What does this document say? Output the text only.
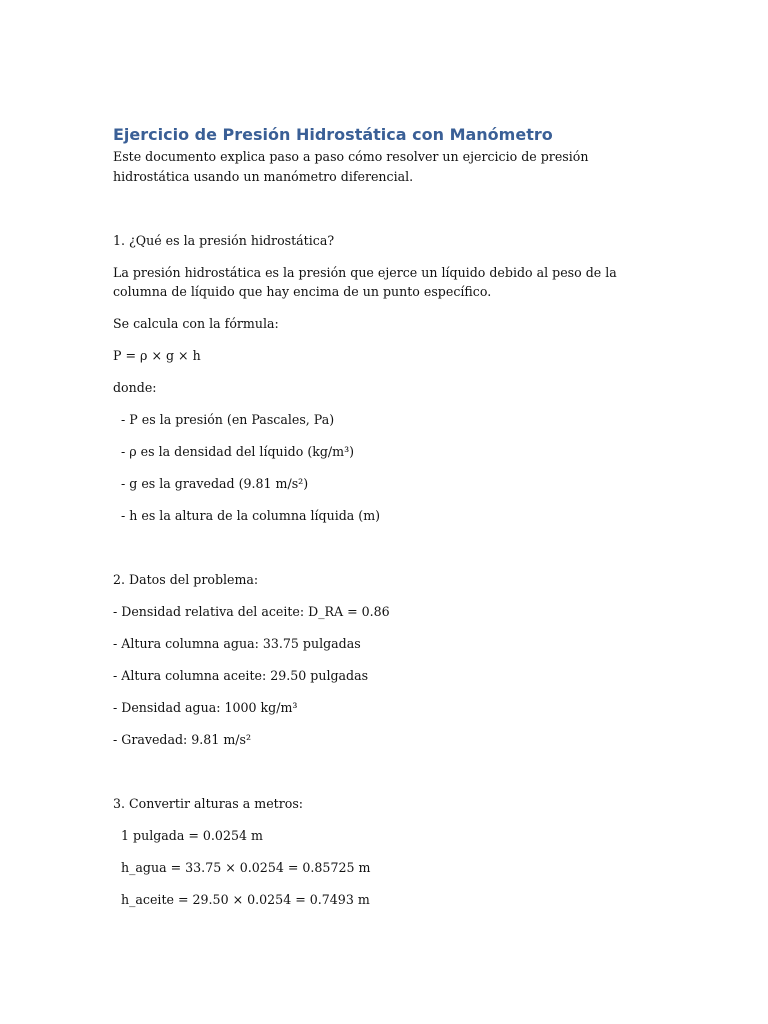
Ejercicio de Presión Hidrostática con Manómetro

Este documento explica paso a paso cómo resolver un ejercicio de presión hidrostática usando un manómetro diferencial.

1. ¿Qué es la presión hidrostática?

La presión hidrostática es la presión que ejerce un líquido debido al peso de la columna de líquido que hay encima de un punto específico.

Se calcula con la fórmula:

P = ρ × g × h

donde:

- P es la presión (en Pascales, Pa)

- ρ es la densidad del líquido (kg/m³)

- g es la gravedad (9.81 m/s²)

- h es la altura de la columna líquida (m)

2. Datos del problema:

- Densidad relativa del aceite: D_RA = 0.86

- Altura columna agua: 33.75 pulgadas

- Altura columna aceite: 29.50 pulgadas

- Densidad agua: 1000 kg/m³

- Gravedad: 9.81 m/s²

3. Convertir alturas a metros:

1 pulgada = 0.0254 m

h_agua = 33.75 × 0.0254 = 0.85725 m

h_aceite = 29.50 × 0.0254 = 0.7493 m
